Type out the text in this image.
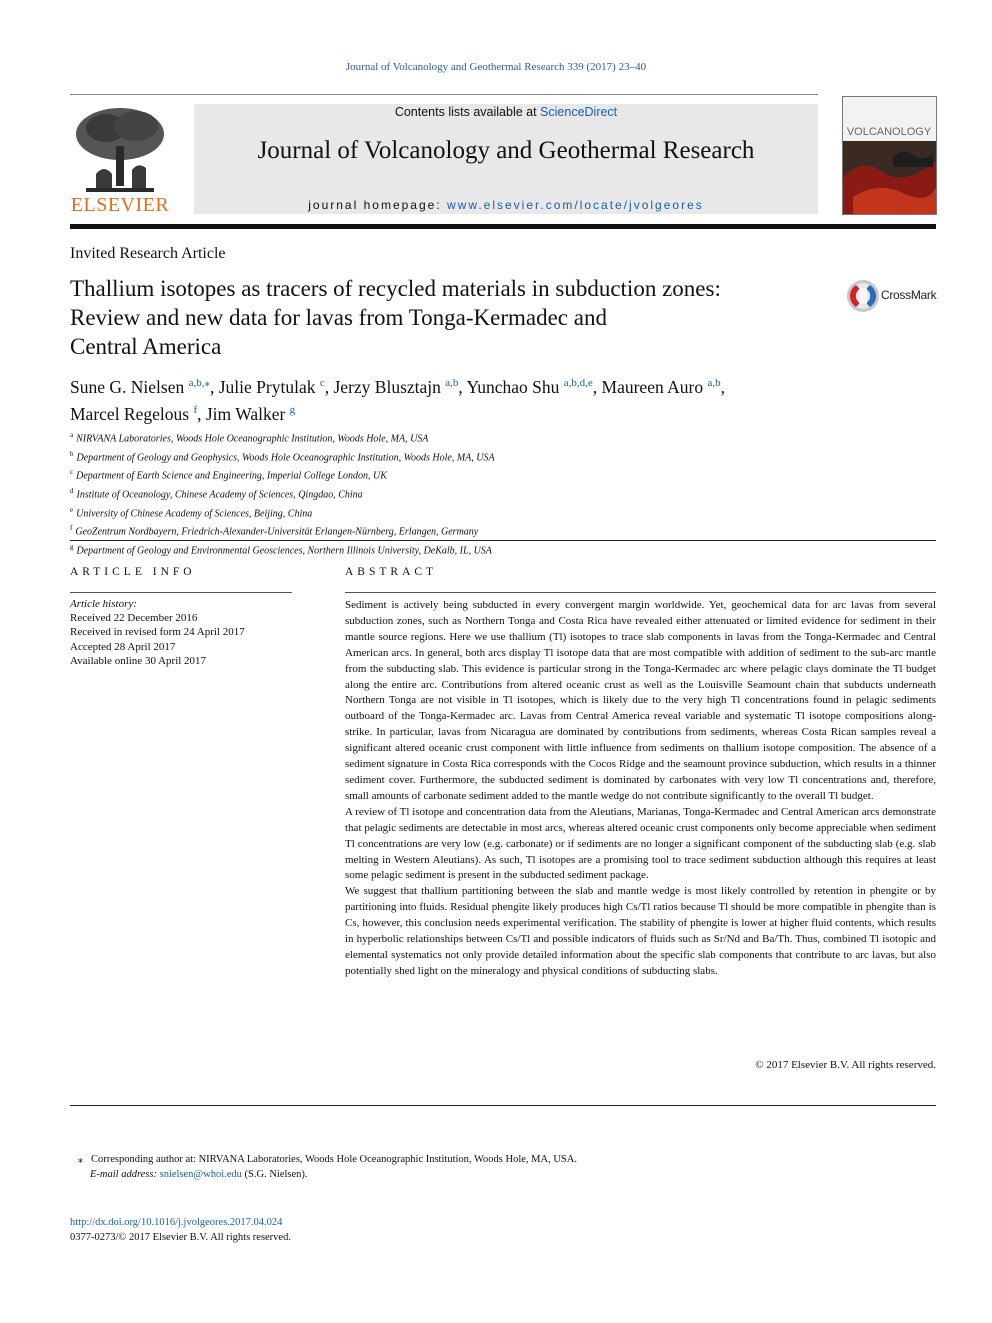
Journal of Volcanology and Geothermal Research 339 (2017) 23–40
ELSEVIER
Contents lists available at ScienceDirect
Journal of Volcanology and Geothermal Research
journal homepage: www.elsevier.com/locate/jvolgeores
VOLCANOLOGY
Invited Research Article
Thallium isotopes as tracers of recycled materials in subduction zones:
Review and new data for lavas from Tonga-Kermadec and
Central America
CrossMark
Sune G. Nielsen $^{a,b,⁎}$, Julie Prytulak $^c$, Jerzy Blusztajn $^{a,b}$, Yunchao Shu $^{a,b,d,e}$, Maureen Auro $^{a,b}$,
Marcel Regelous $^f$, Jim Walker $^g$
$^a$ NIRVANA Laboratories, Woods Hole Oceanographic Institution, Woods Hole, MA, USA
$^b$ Department of Geology and Geophysics, Woods Hole Oceanographic Institution, Woods Hole, MA, USA
$^c$ Department of Earth Science and Engineering, Imperial College London, UK
$^d$ Institute of Oceanology, Chinese Academy of Sciences, Qingdao, China
$^e$ University of Chinese Academy of Sciences, Beijing, China
$^f$ GeoZentrum Nordbayern, Friedrich-Alexander-Universität Erlangen-Nürnberg, Erlangen, Germany
$^g$ Department of Geology and Environmental Geosciences, Northern Illinois University, DeKalb, IL, USA
ARTICLE INFO
Article history:
Received 22 December 2016
Received in revised form 24 April 2017
Accepted 28 April 2017
Available online 30 April 2017
ABSTRACT

Sediment is actively being subducted in every convergent margin worldwide. Yet, geochemical data for arc lavas from several subduction zones, such as Northern Tonga and Costa Rica have revealed either attenuated or limited evidence for sediment in their mantle source regions. Here we use thallium (Tl) isotopes to trace slab components in lavas from the Tonga-Kermadec and Central American arcs. In general, both arcs display Tl isotope data that are most compatible with addition of sediment to the sub-arc mantle from the subducting slab. This evidence is particular strong in the Tonga-Kermadec arc where pelagic clays dominate the Tl budget along the entire arc. Contributions from altered oceanic crust as well as the Louisville Seamount chain that subducts underneath Northern Tonga are not visible in Tl isotopes, which is likely due to the very high Tl concentrations found in pelagic sediments outboard of the Tonga-Kermadec arc. Lavas from Central America reveal variable and systematic Tl isotope compositions along-strike. In particular, lavas from Nicaragua are dominated by contributions from sediments, whereas Costa Rican samples reveal a significant altered oceanic crust component with little influence from sediments on thallium isotope composition. The absence of a sediment signature in Costa Rica corresponds with the Cocos Ridge and the seamount province subduction, which results in a thinner sediment cover. Furthermore, the subducted sediment is dominated by carbonates with very low Tl concentrations and, therefore, small amounts of carbonate sediment added to the mantle wedge do not contribute significantly to the overall Tl budget.

A review of Tl isotope and concentration data from the Aleutians, Marianas, Tonga-Kermadec and Central American arcs demonstrate that pelagic sediments are detectable in most arcs, whereas altered oceanic crust components only become appreciable when sediment Tl concentrations are very low (e.g. carbonate) or if sediments are no longer a significant component of the subducting slab (e.g. slab melting in Western Aleutians). As such, Tl isotopes are a promising tool to trace sediment subduction although this requires at least some pelagic sediment is present in the subducted sediment package.

We suggest that thallium partitioning between the slab and mantle wedge is most likely controlled by retention in phengite or by partitioning into fluids. Residual phengite likely produces high Cs/Tl ratios because Tl should be more compatible in phengite than is Cs, however, this conclusion needs experimental verification. The stability of phengite is lower at higher fluid contents, which results in hyperbolic relationships between Cs/Tl and possible indicators of fluids such as Sr/Nd and Ba/Th. Thus, combined Tl isotopic and elemental systematics not only provide detailed information about the specific slab components that contribute to arc lavas, but also potentially shed light on the mineralogy and physical conditions of subducting slabs.

© 2017 Elsevier B.V. All rights reserved.
⁎ Corresponding author at: NIRVANA Laboratories, Woods Hole Oceanographic Institution, Woods Hole, MA, USA.
E-mail address: snielsen@whoi.edu (S.G. Nielsen).
http://dx.doi.org/10.1016/j.jvolgeores.2017.04.024
0377-0273/© 2017 Elsevier B.V. All rights reserved.
